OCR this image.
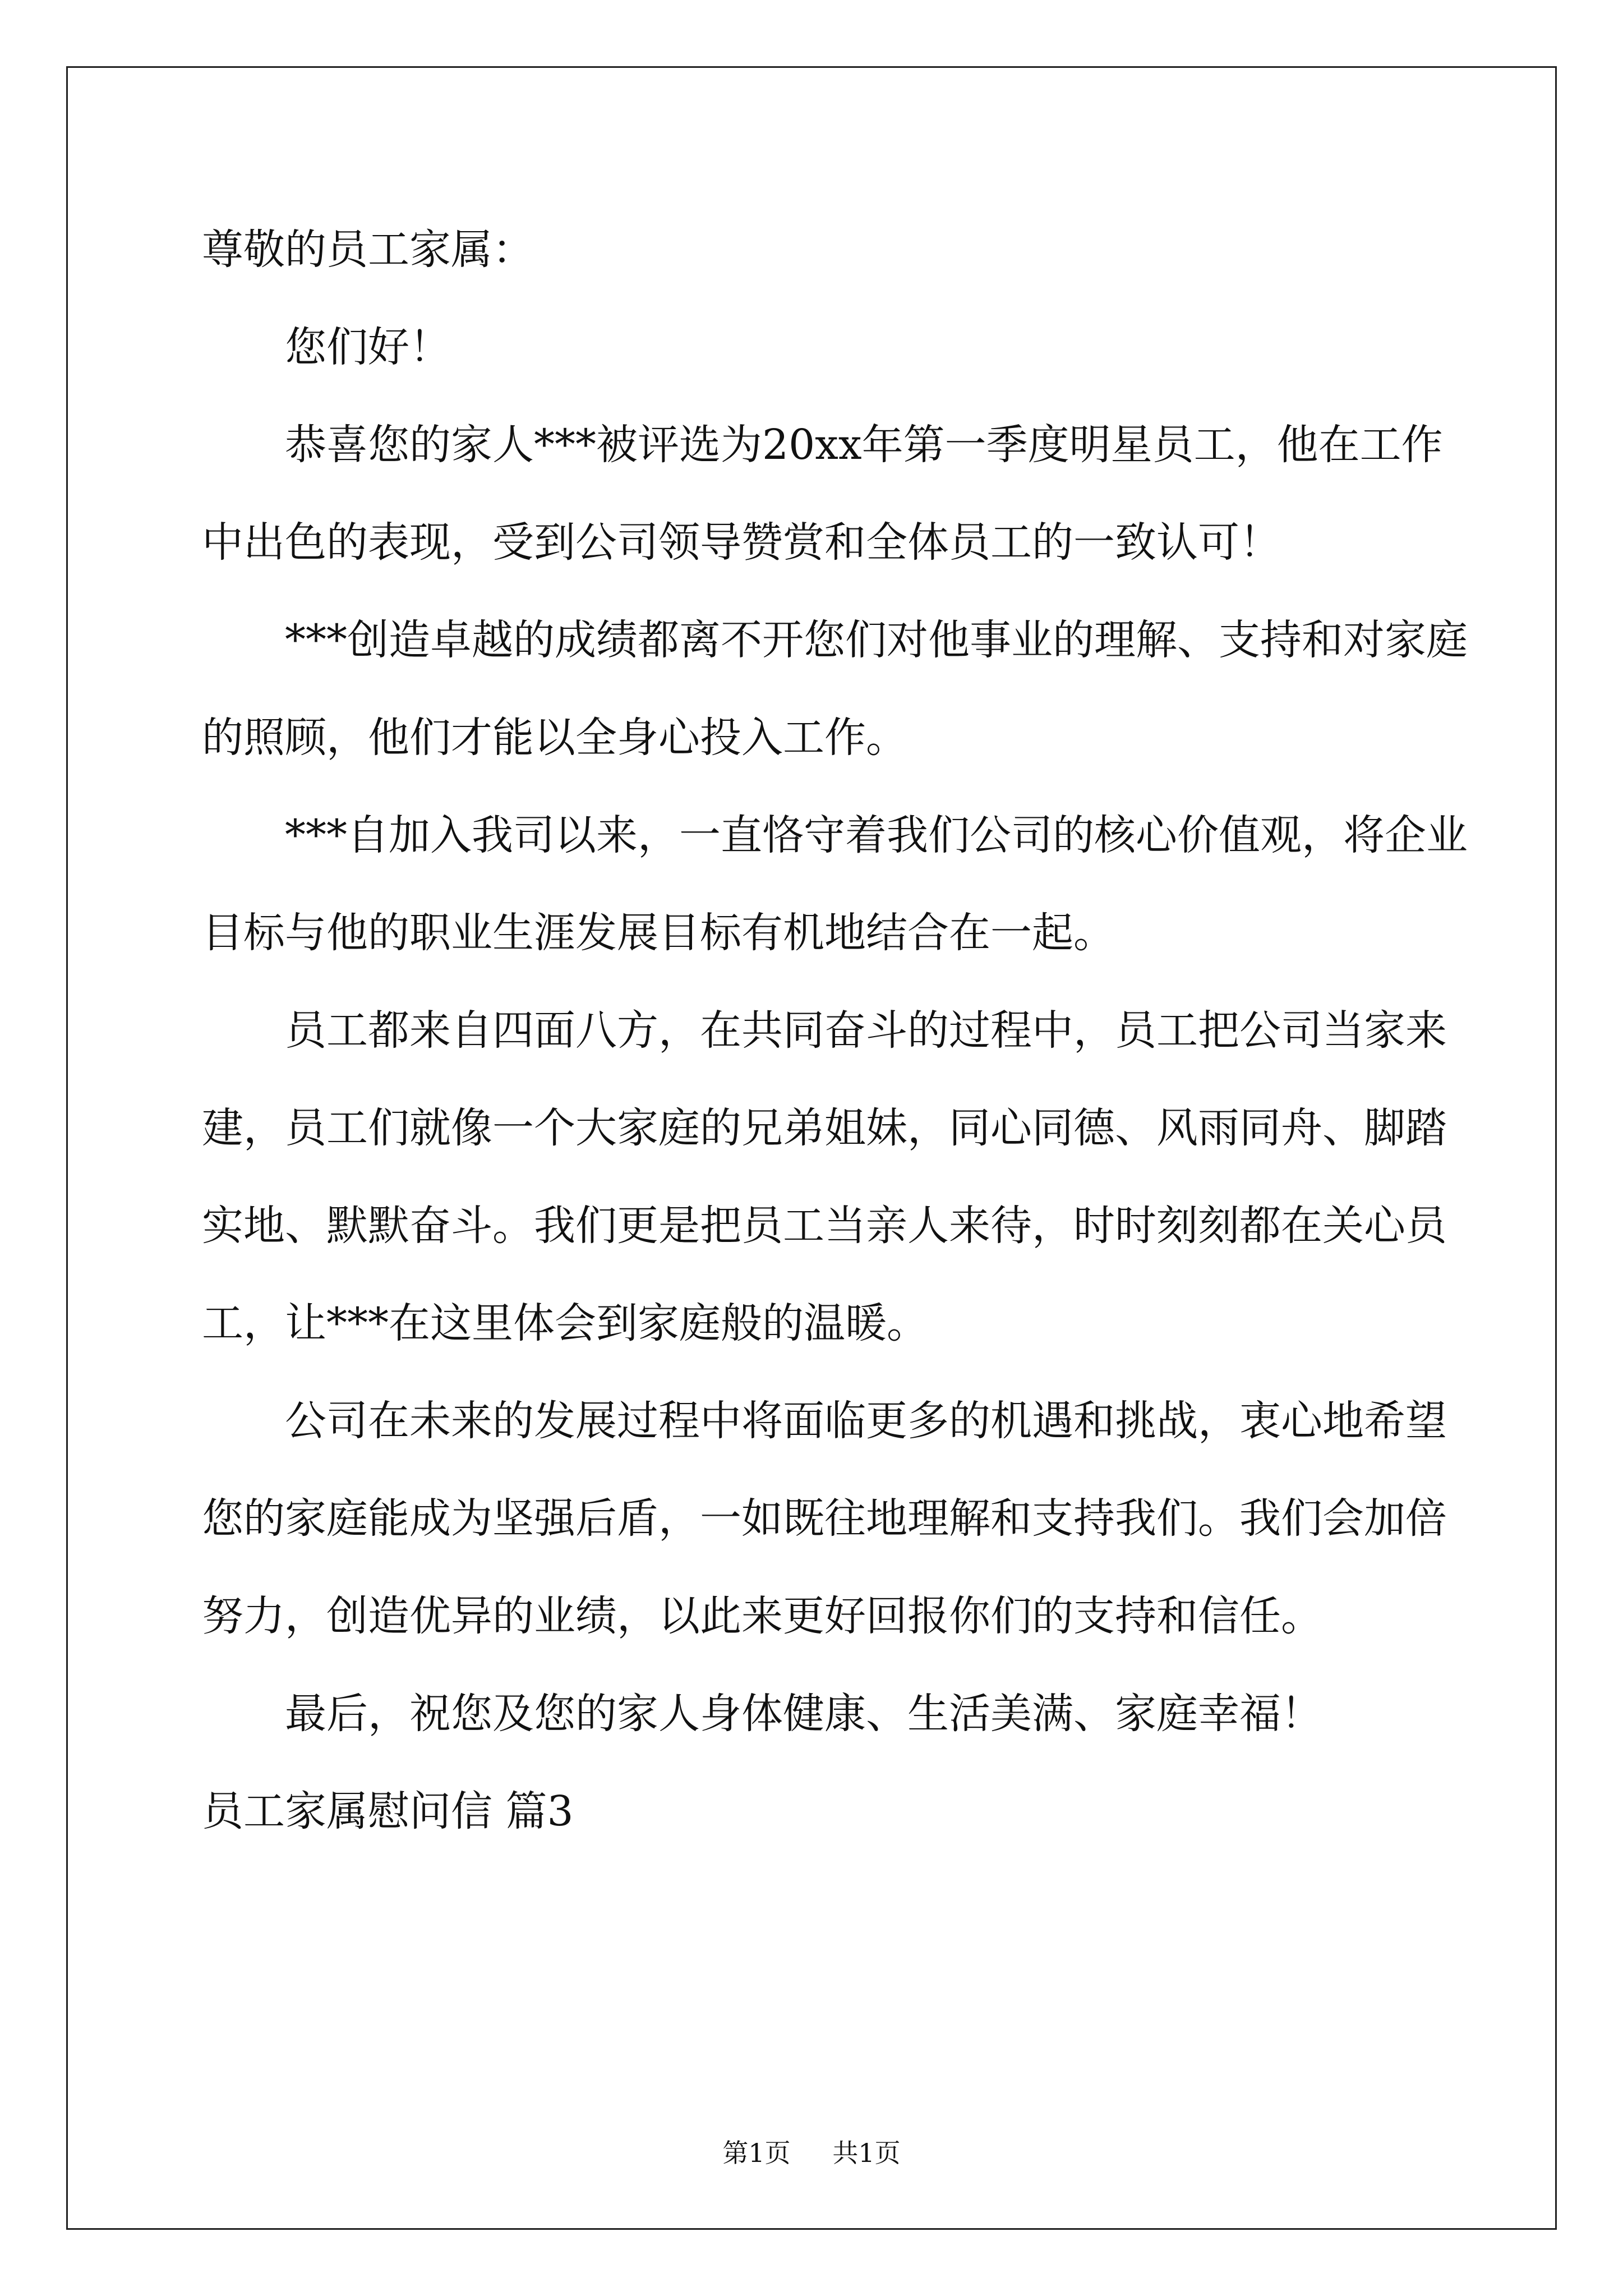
尊敬的员工家属：

您们好！

恭喜您的家人***被评选为20xx年第一季度明星员工，他在工作

中出色的表现，受到公司领导赞赏和全体员工的一致认可！

***创造卓越的成绩都离不开您们对他事业的理解、支持和对家庭

的照顾，他们才能以全身心投入工作。

***自加入我司以来，一直恪守着我们公司的核心价值观，将企业

目标与他的职业生涯发展目标有机地结合在一起。

员工都来自四面八方，在共同奋斗的过程中，员工把公司当家来

建，员工们就像一个大家庭的兄弟姐妹，同心同德、风雨同舟、脚踏

实地、默默奋斗。我们更是把员工当亲人来待，时时刻刻都在关心员

工，让***在这里体会到家庭般的温暖。

公司在未来的发展过程中将面临更多的机遇和挑战，衷心地希望

您的家庭能成为坚强后盾，一如既往地理解和支持我们。我们会加倍

努力，创造优异的业绩，以此来更好回报你们的支持和信任。

最后，祝您及您的家人身体健康、生活美满、家庭幸福！

员工家属慰问信 篇3

第1页 共1页
